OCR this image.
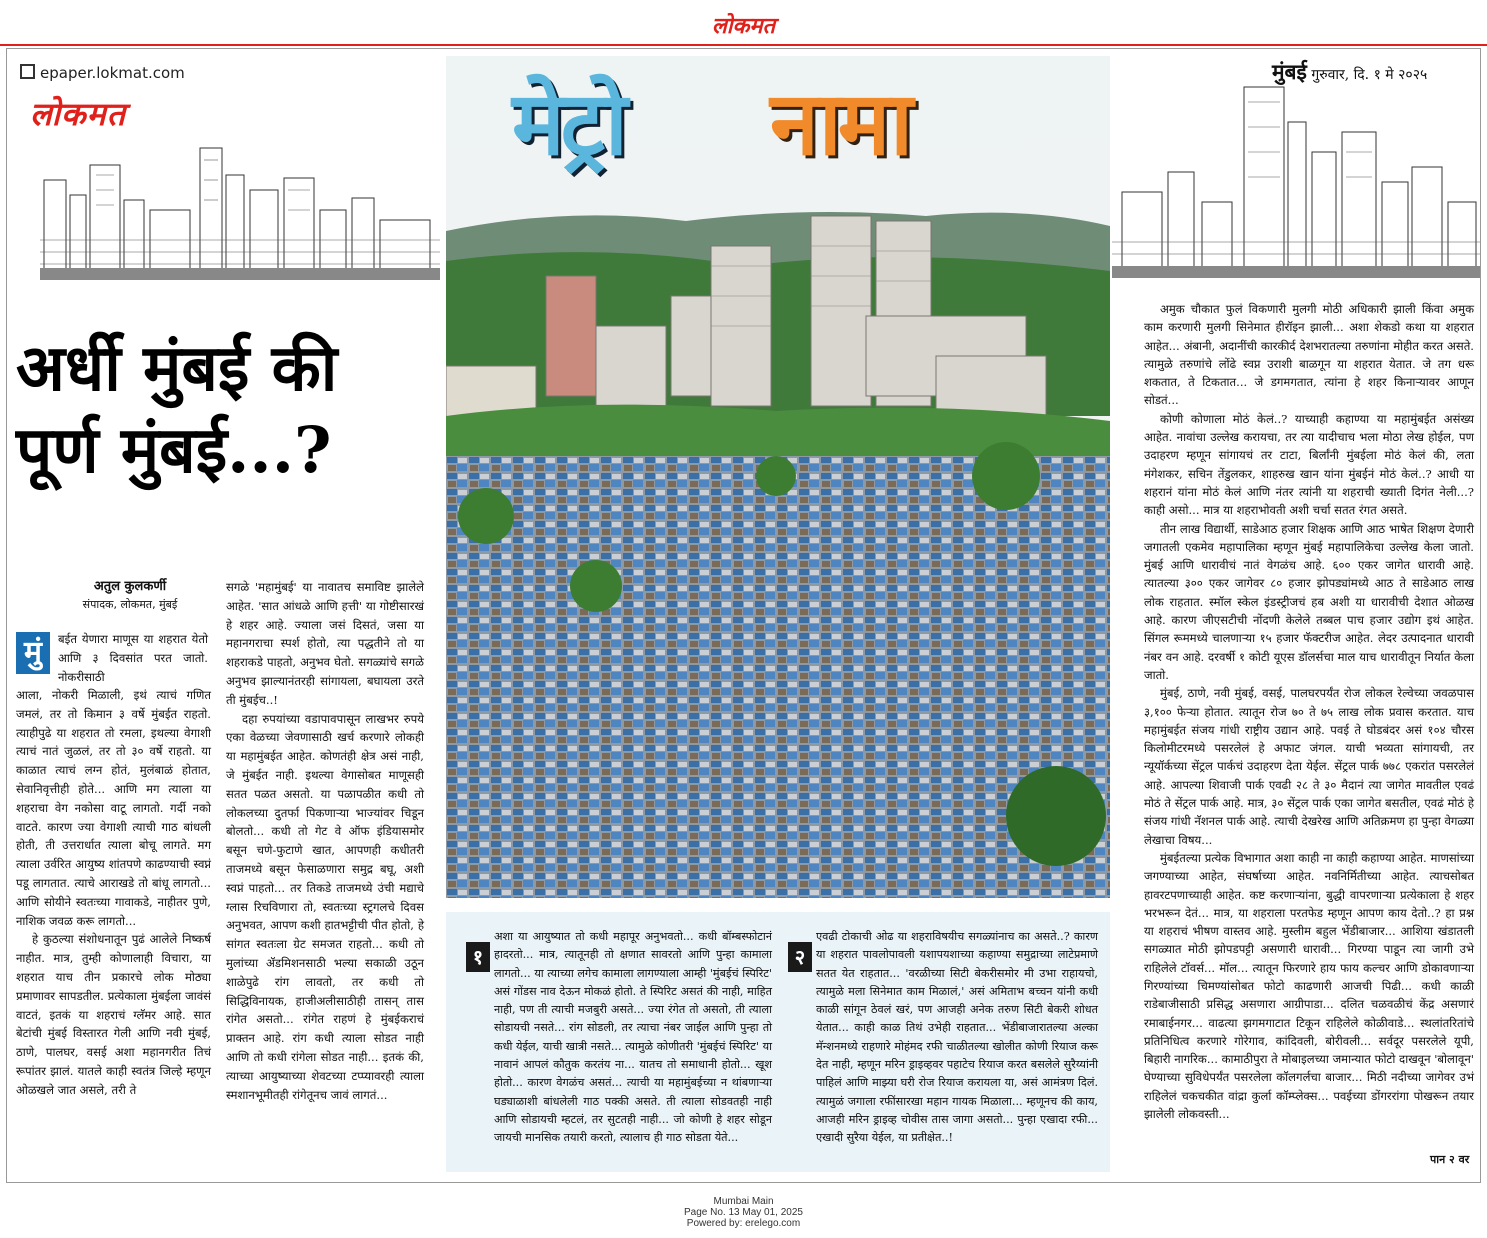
लोकमत
epaper.lokmat.com
लोकमत
अर्धी मुंबई की
पूर्ण मुंबई...?
अतुल कुलकर्णी
संपादक, लोकमत, मुंबई
मुं	बईत येणारा माणूस या शहरात येतो आणि ३ दिवसांत परत जातो. नोकरीसाठी

आला, नोकरी मिळाली, इथं त्याचं गणित जमलं, तर तो किमान ३ वर्षे मुंबईत राहतो. त्याहीपुढे या शहरात तो रमला, इथल्या वेगाशी त्याचं नातं जुळलं, तर तो ३० वर्षे राहतो. या काळात त्याचं लग्न होतं, मुलंबाळं होतात, सेवानिवृत्तीही होते... आणि मग त्याला या शहराचा वेग नकोसा वाटू लागतो. गर्दी नको वाटते. कारण ज्या वेगाशी त्याची गाठ बांधली होती, ती उत्तरार्धात त्याला बोचू लागते. मग त्याला उर्वरित आयुष्य शांतपणे काढण्याची स्वप्नं पडू लागतात. त्याचे आराखडे तो बांधू लागतो... आणि सोयीने स्वतःच्या गावाकडे, नाहीतर पुणे, नाशिक जवळ करू लागतो...

हे कुठल्या संशोधनातून पुढं आलेले निष्कर्ष नाहीत. मात्र, तुम्ही कोणालाही विचारा, या शहरात याच तीन प्रकारचे लोक मोठ्या प्रमाणावर सापडतील. प्रत्येकाला मुंबईला जावंसं वाटतं, इतकं या शहराचं ग्लॅमर आहे. सात बेटांची मुंबई विस्तारत गेली आणि नवी मुंबई, ठाणे, पालघर, वसई अशा महानगरीत तिचं रूपांतर झालं. यातले काही स्वतंत्र जिल्हे म्हणून ओळखले जात असले, तरी ते

सगळे 'महामुंबई' या नावातच समाविष्ट झालेले आहेत. 'सात आंधळे आणि हत्ती' या गोष्टीसारखं हे शहर आहे. ज्याला जसं दिसतं, जसा या महानगराचा स्पर्श होतो, त्या पद्धतीने तो या शहराकडे पाहतो, अनुभव घेतो. सगळ्यांचे सगळे अनुभव झाल्यानंतरही सांगायला, बघायला उरते ती मुंबईच..!

दहा रुपयांच्या वडापावपासून लाखभर रुपये एका वेळच्या जेवणासाठी खर्च करणारे लोकही या महामुंबईत आहेत. कोणतंही क्षेत्र असं नाही, जे मुंबईत नाही. इथल्या वेगासोबत माणूसही सतत पळत असतो. या पळापळीत कधी तो लोकलच्या दुतर्फा पिकणाऱ्या भाज्यांवर चिडून बोलतो... कधी तो गेट वे ऑफ इंडियासमोर बसून चणे-फुटाणे खात, आपणही कधीतरी ताजमध्ये बसून फेसाळणारा समुद्र बघू, अशी स्वप्नं पाहतो... तर तिकडे ताजमध्ये उंची मद्याचे ग्लास रिचविणारा तो, स्वतःच्या स्ट्रगलचे दिवस अनुभवत, आपण कशी हातभट्टीची पीत होतो, हे सांगत स्वतःला ग्रेट समजत राहतो... कधी तो मुलांच्या ॲडमिशनसाठी भल्या सकाळी उठून शाळेपुढे रांग लावतो, तर कधी तो सिद्धिविनायक, हाजीअलीसाठीही तासन् तास रांगेत असतो... रांगेत राहणं हे मुंबईकराचं प्राक्तन आहे. रांग कधी त्याला सोडत नाही आणि तो कधी रांगेला सोडत नाही... इतकं की, त्याच्या आयुष्याच्या शेवटच्या टप्प्यावरही त्याला स्मशानभूमीतही रांगेतूनच जावं लागतं...

मेट्रो नामा
१
अशा या आयुष्यात तो कधी महापूर अनुभवतो... कधी बॉम्बस्फोटानं हादरतो... मात्र, त्यातूनही तो क्षणात सावरतो आणि पुन्हा कामाला लागतो... या त्याच्या लगेच कामाला लागण्याला आम्ही 'मुंबईचं स्पिरिट' असं गोंडस नाव देऊन मोकळं होतो. ते स्पिरिट असतं की नाही, माहित नाही, पण ती त्याची मजबुरी असते... ज्या रंगेत तो असतो, ती त्याला सोडायची नसते... रांग सोडली, तर त्याचा नंबर जाईल आणि पुन्हा तो कधी येईल, याची खात्री नसते... त्यामुळे कोणीतरी 'मुंबईचं स्पिरिट' या नावानं आपलं कौतुक करतंय ना... यातच तो समाधानी होतो... खूश होतो... कारण वेगळंच असतं... त्याची या महामुंबईच्या न थांबणाऱ्या घड्याळाशी बांधलेली गाठ पक्की असते. ती त्याला सोडवतही नाही आणि सोडायची म्हटलं, तर सुटतही नाही... जो कोणी हे शहर सोडून जायची मानसिक तयारी करतो, त्यालाच ही गाठ सोडता येते...
२
एवढी टोकाची ओढ या शहराविषयीच सगळ्यांनाच का असते..? कारण या शहरात पावलोपावली यशापयशाच्या कहाण्या समुद्राच्या लाटेप्रमाणे सतत येत राहतात... 'वरळीच्या सिटी बेकरीसमोर मी उभा राहायचो, त्यामुळे मला सिनेमात काम मिळालं,' असं अमिताभ बच्चन यांनी कधी काळी सांगून ठेवलं खरं, पण आजही अनेक तरुण सिटी बेकरी शोधत येतात... काही काळ तिथं उभेही राहतात... भेंडीबाजारातल्या अल्का मॅन्शनमध्ये राहणारे मोहंमद रफी चाळीतल्या खोलीत कोणी रियाज करू देत नाही, म्हणून मरिन ड्राइव्हवर पहाटेच रियाज करत बसलेले सुरैय्यांनी पाहिलं आणि माझ्या घरी रोज रियाज करायला या, असं आमंत्रण दिलं. त्यामुळं जगाला रफींसारखा महान गायक मिळाला... म्हणूनच की काय, आजही मरिन ड्राइव्ह चोवीस तास जागा असतो... पुन्हा एखादा रफी... एखादी सुरैया येईल, या प्रतीक्षेत..!
मुंबई गुरुवार, दि. १ मे २०२५

अमुक चौकात फुलं विकणारी मुलगी मोठी अधिकारी झाली किंवा अमुक काम करणारी मुलगी सिनेमात हीरॉइन झाली... अशा शेकडो कथा या शहरात आहेत... अंबानी, अदानींची कारकीर्द देशभरातल्या तरुणांना मोहीत करत असते. त्यामुळे तरुणांचे लोंढे स्वप्न उराशी बाळगून या शहरात येतात. जे तग धरू शकतात, ते टिकतात... जे डगमगतात, त्यांना हे शहर किनाऱ्यावर आणून सोडतं...

कोणी कोणाला मोठं केलं..? याच्याही कहाण्या या महामुंबईत असंख्य आहेत. नावांचा उल्लेख करायचा, तर त्या यादीचाच भला मोठा लेख होईल, पण उदाहरण म्हणून सांगायचं तर टाटा, बिर्लांनी मुंबईला मोठं केलं की, लता मंगेशकर, सचिन तेंडुलकर, शाहरुख खान यांना मुंबईनं मोठं केलं..? आधी या शहरानं यांना मोठं केलं आणि नंतर त्यांनी या शहराची ख्याती दिगंत नेली...? काही असो... मात्र या शहराभोवती अशी चर्चा सतत रंगत असते.

तीन लाख विद्यार्थी, साडेआठ हजार शिक्षक आणि आठ भाषेत शिक्षण देणारी जगातली एकमेव महापालिका म्हणून मुंबई महापालिकेचा उल्लेख केला जातो. मुंबई आणि धारावीचं नातं वेगळंच आहे. ६०० एकर जागेत धारावी आहे. त्यातल्या ३०० एकर जागेवर ८० हजार झोपड्यांमध्ये आठ ते साडेआठ लाख लोक राहतात. स्मॉल स्केल इंडस्ट्रीजचं हब अशी या धारावीची देशात ओळख आहे. कारण जीएसटीची नोंदणी केलेले तब्बल पाच हजार उद्योग इथं आहेत. सिंगल रूममध्ये चालणाऱ्या १५ हजार फॅक्टरीज आहेत. लेदर उत्पादनात धारावी नंबर वन आहे. दरवर्षी १ कोटी यूएस डॉलर्सचा माल याच धारावीतून निर्यात केला जातो.

मुंबई, ठाणे, नवी मुंबई, वसई, पालघरपर्यंत रोज लोकल रेल्वेच्या जवळपास ३,१०० फेऱ्या होतात. त्यातून रोज ७० ते ७५ लाख लोक प्रवास करतात. याच महामुंबईत संजय गांधी राष्ट्रीय उद्यान आहे. पवई ते घोडबंदर असं १०४ चौरस किलोमीटरमध्ये पसरलेलं हे अफाट जंगल. याची भव्यता सांगायची, तर न्यूयॉर्कच्या सेंट्रल पार्कचं उदाहरण देता येईल. सेंट्रल पार्क ७७८ एकरांत पसरलेलं आहे. आपल्या शिवाजी पार्क एवढी २८ ते ३० मैदानं त्या जागेत मावतील एवढं मोठं ते सेंट्रल पार्क आहे. मात्र, ३० सेंट्रल पार्क एका जागेत बसतील, एवढं मोठं हे संजय गांधी नॅशनल पार्क आहे. त्याची देखरेख आणि अतिक्रमण हा पुन्हा वेगळ्या लेखाचा विषय...

मुंबईतल्या प्रत्येक विभागात अशा काही ना काही कहाण्या आहेत. माणसांच्या जगण्याच्या आहेत, संघर्षाच्या आहेत. नवनिर्मितीच्या आहेत. त्याचसोबत हावरटपणाच्याही आहेत. कष्ट करणाऱ्यांना, बुद्धी वापरणाऱ्या प्रत्येकाला हे शहर भरभरून देतं... मात्र, या शहराला परतफेड म्हणून आपण काय देतो..? हा प्रश्न या शहराचं भीषण वास्तव आहे. मुस्लीम बहुल भेंडीबाजार... आशिया खंडातली सगळ्यात मोठी झोपडपट्टी असणारी धारावी... गिरण्या पाडून त्या जागी उभे राहिलेले टॉवर्स... मॉल... त्यातून फिरणारे हाय फाय कल्चर आणि डोकावणाऱ्या गिरण्यांच्या चिमण्यांसोबत फोटो काढणारी आजची पिढी... कधी काळी राडेबाजीसाठी प्रसिद्ध असणारा आग्रीपाडा... दलित चळवळीचं केंद्र असणारं रमाबाईनगर... वाढत्या झगमगाटात टिकून राहिलेले कोळीवाडे... स्थलांतरितांचे प्रतिनिधित्व करणारे गोरेगाव, कांदिवली, बोरीवली... सर्वदूर पसरलेले यूपी, बिहारी नागरिक... कामाठीपुरा ते मोबाइलच्या जमान्यात फोटो दाखवून 'बोलावून' घेण्याच्या सुविधेपर्यंत पसरलेला कॉलगर्लचा बाजार... मिठी नदीच्या जागेवर उभं राहिलेलं चकचकीत वांद्रा कुर्ला कॉम्प्लेक्स... पवईच्या डोंगररांगा पोखरून तयार झालेली लोकवस्ती...

पान २ वर
Mumbai Main
Page No. 13 May 01, 2025
Powered by: erelego.com
